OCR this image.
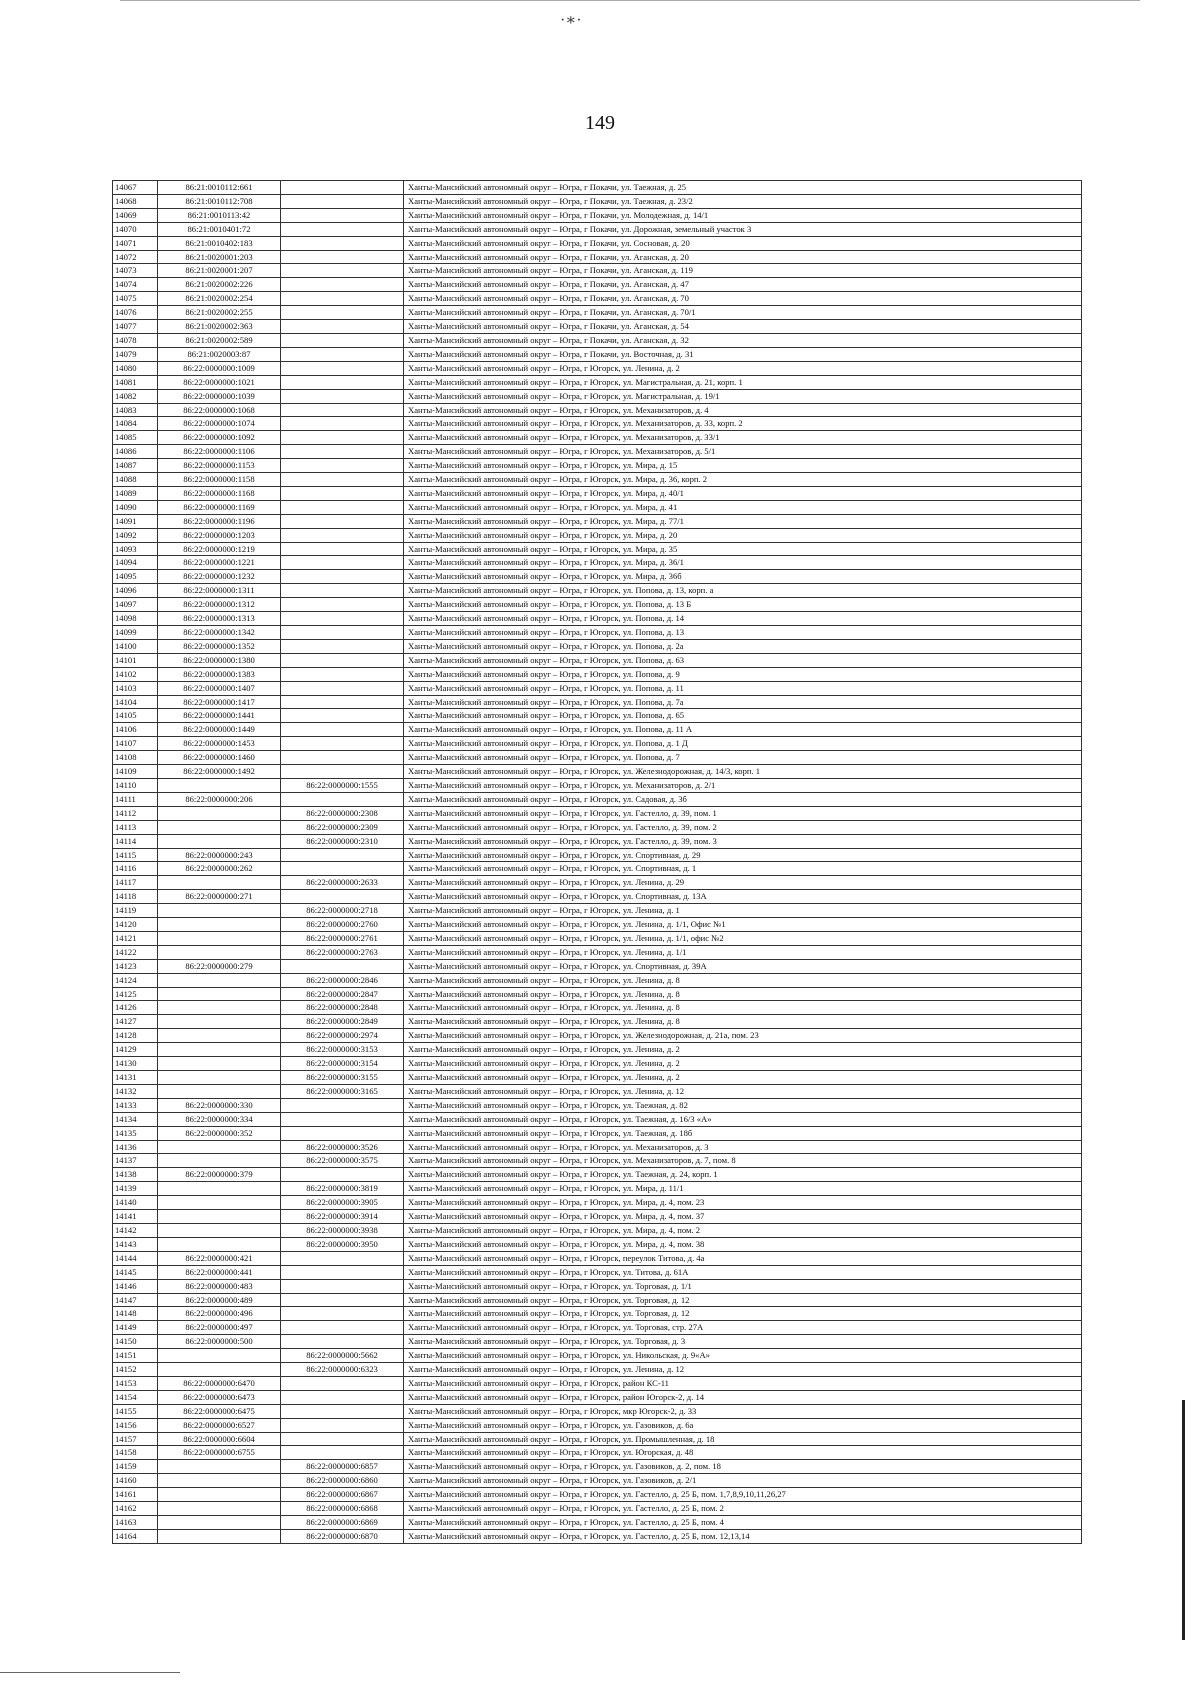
·∗·
149
14067	86:21:0010112:661		Ханты-Мансийский автономный округ – Югра, г Покачи, ул. Таежная, д. 25
14068	86:21:0010112:708		Ханты-Мансийский автономный округ – Югра, г Покачи, ул. Таежная, д. 23/2
14069	86:21:0010113:42		Ханты-Мансийский автономный округ – Югра, г Покачи, ул. Молодежная, д. 14/1
14070	86:21:0010401:72		Ханты-Мансийский автономный округ – Югра, г Покачи, ул. Дорожная, земельный участок 3
14071	86:21:0010402:183		Ханты-Мансийский автономный округ – Югра, г Покачи, ул. Сосновая, д. 20
14072	86:21:0020001:203		Ханты-Мансийский автономный округ – Югра, г Покачи, ул. Аганская, д. 20
14073	86:21:0020001:207		Ханты-Мансийский автономный округ – Югра, г Покачи, ул. Аганская, д. 119
14074	86:21:0020002:226		Ханты-Мансийский автономный округ – Югра, г Покачи, ул. Аганская, д. 47
14075	86:21:0020002:254		Ханты-Мансийский автономный округ – Югра, г Покачи, ул. Аганская, д. 70
14076	86:21:0020002:255		Ханты-Мансийский автономный округ – Югра, г Покачи, ул. Аганская, д. 70/1
14077	86:21:0020002:363		Ханты-Мансийский автономный округ – Югра, г Покачи, ул. Аганская, д. 54
14078	86:21:0020002:589		Ханты-Мансийский автономный округ – Югра, г Покачи, ул. Аганская, д. 32
14079	86:21:0020003:87		Ханты-Мансийский автономный округ – Югра, г Покачи, ул. Восточная, д. 31
14080	86:22:0000000:1009		Ханты-Мансийский автономный округ – Югра, г Югорск, ул. Ленина, д. 2
14081	86:22:0000000:1021		Ханты-Мансийский автономный округ – Югра, г Югорск, ул. Магистральная, д. 21, корп. 1
14082	86:22:0000000:1039		Ханты-Мансийский автономный округ – Югра, г Югорск, ул. Магистральная, д. 19/1
14083	86:22:0000000:1068		Ханты-Мансийский автономный округ – Югра, г Югорск, ул. Механизаторов, д. 4
14084	86:22:0000000:1074		Ханты-Мансийский автономный округ – Югра, г Югорск, ул. Механизаторов, д. 33, корп. 2
14085	86:22:0000000:1092		Ханты-Мансийский автономный округ – Югра, г Югорск, ул. Механизаторов, д. 33/1
14086	86:22:0000000:1106		Ханты-Мансийский автономный округ – Югра, г Югорск, ул. Механизаторов, д. 5/1
14087	86:22:0000000:1153		Ханты-Мансийский автономный округ – Югра, г Югорск, ул. Мира, д. 15
14088	86:22:0000000:1158		Ханты-Мансийский автономный округ – Югра, г Югорск, ул. Мира, д. 36, корп. 2
14089	86:22:0000000:1168		Ханты-Мансийский автономный округ – Югра, г Югорск, ул. Мира, д. 40/1
14090	86:22:0000000:1169		Ханты-Мансийский автономный округ – Югра, г Югорск, ул. Мира, д. 41
14091	86:22:0000000:1196		Ханты-Мансийский автономный округ – Югра, г Югорск, ул. Мира, д. 77/1
14092	86:22:0000000:1203		Ханты-Мансийский автономный округ – Югра, г Югорск, ул. Мира, д. 20
14093	86:22:0000000:1219		Ханты-Мансийский автономный округ – Югра, г Югорск, ул. Мира, д. 35
14094	86:22:0000000:1221		Ханты-Мансийский автономный округ – Югра, г Югорск, ул. Мира, д. 36/1
14095	86:22:0000000:1232		Ханты-Мансийский автономный округ – Югра, г Югорск, ул. Мира, д. 36б
14096	86:22:0000000:1311		Ханты-Мансийский автономный округ – Югра, г Югорск, ул. Попова, д. 13, корп. а
14097	86:22:0000000:1312		Ханты-Мансийский автономный округ – Югра, г Югорск, ул. Попова, д. 13 Б
14098	86:22:0000000:1313		Ханты-Мансийский автономный округ – Югра, г Югорск, ул. Попова, д. 14
14099	86:22:0000000:1342		Ханты-Мансийский автономный округ – Югра, г Югорск, ул. Попова, д. 13
14100	86:22:0000000:1352		Ханты-Мансийский автономный округ – Югра, г Югорск, ул. Попова, д. 2а
14101	86:22:0000000:1380		Ханты-Мансийский автономный округ – Югра, г Югорск, ул. Попова, д. 63
14102	86:22:0000000:1383		Ханты-Мансийский автономный округ – Югра, г Югорск, ул. Попова, д. 9
14103	86:22:0000000:1407		Ханты-Мансийский автономный округ – Югра, г Югорск, ул. Попова, д. 11
14104	86:22:0000000:1417		Ханты-Мансийский автономный округ – Югра, г Югорск, ул. Попова, д. 7а
14105	86:22:0000000:1441		Ханты-Мансийский автономный округ – Югра, г Югорск, ул. Попова, д. 65
14106	86:22:0000000:1449		Ханты-Мансийский автономный округ – Югра, г Югорск, ул. Попова, д. 11 А
14107	86:22:0000000:1453		Ханты-Мансийский автономный округ – Югра, г Югорск, ул. Попова, д. 1 Д
14108	86:22:0000000:1460		Ханты-Мансийский автономный округ – Югра, г Югорск, ул. Попова, д. 7
14109	86:22:0000000:1492		Ханты-Мансийский автономный округ – Югра, г Югорск, ул. Железнодорожная, д. 14/3, корп. 1
14110		86:22:0000000:1555	Ханты-Мансийский автономный округ – Югра, г Югорск, ул. Механизаторов, д. 2/1
14111	86:22:0000000:206		Ханты-Мансийский автономный округ – Югра, г Югорск, ул. Садовая, д. 3б
14112		86:22:0000000:2308	Ханты-Мансийский автономный округ – Югра, г Югорск, ул. Гастелло, д. 39, пом. 1
14113		86:22:0000000:2309	Ханты-Мансийский автономный округ – Югра, г Югорск, ул. Гастелло, д. 39, пом. 2
14114		86:22:0000000:2310	Ханты-Мансийский автономный округ – Югра, г Югорск, ул. Гастелло, д. 39, пом. 3
14115	86:22:0000000:243		Ханты-Мансийский автономный округ – Югра, г Югорск, ул. Спортивная, д. 29
14116	86:22:0000000:262		Ханты-Мансийский автономный округ – Югра, г Югорск, ул. Спортивная, д. 1
14117		86:22:0000000:2633	Ханты-Мансийский автономный округ – Югра, г Югорск, ул. Ленина, д. 29
14118	86:22:0000000:271		Ханты-Мансийский автономный округ – Югра, г Югорск, ул. Спортивная, д. 13А
14119		86:22:0000000:2718	Ханты-Мансийский автономный округ – Югра, г Югорск, ул. Ленина, д. 1
14120		86:22:0000000:2760	Ханты-Мансийский автономный округ – Югра, г Югорск, ул. Ленина, д. 1/1, Офис №1
14121		86:22:0000000:2761	Ханты-Мансийский автономный округ – Югра, г Югорск, ул. Ленина, д. 1/1, офис №2
14122		86:22:0000000:2763	Ханты-Мансийский автономный округ – Югра, г Югорск, ул. Ленина, д. 1/1
14123	86:22:0000000:279		Ханты-Мансийский автономный округ – Югра, г Югорск, ул. Спортивная, д. 39А
14124		86:22:0000000:2846	Ханты-Мансийский автономный округ – Югра, г Югорск, ул. Ленина, д. 8
14125		86:22:0000000:2847	Ханты-Мансийский автономный округ – Югра, г Югорск, ул. Ленина, д. 8
14126		86:22:0000000:2848	Ханты-Мансийский автономный округ – Югра, г Югорск, ул. Ленина, д. 8
14127		86:22:0000000:2849	Ханты-Мансийский автономный округ – Югра, г Югорск, ул. Ленина, д. 8
14128		86:22:0000000:2974	Ханты-Мансийский автономный округ – Югра, г Югорск, ул. Железнодорожная, д. 21а, пом. 23
14129		86:22:0000000:3153	Ханты-Мансийский автономный округ – Югра, г Югорск, ул. Ленина, д. 2
14130		86:22:0000000:3154	Ханты-Мансийский автономный округ – Югра, г Югорск, ул. Ленина, д. 2
14131		86:22:0000000:3155	Ханты-Мансийский автономный округ – Югра, г Югорск, ул. Ленина, д. 2
14132		86:22:0000000:3165	Ханты-Мансийский автономный округ – Югра, г Югорск, ул. Ленина, д. 12
14133	86:22:0000000:330		Ханты-Мансийский автономный округ – Югра, г Югорск, ул. Таежная, д. 82
14134	86:22:0000000:334		Ханты-Мансийский автономный округ – Югра, г Югорск, ул. Таежная, д. 16/3 «А»
14135	86:22:0000000:352		Ханты-Мансийский автономный округ – Югра, г Югорск, ул. Таежная, д. 18б
14136		86:22:0000000:3526	Ханты-Мансийский автономный округ – Югра, г Югорск, ул. Механизаторов, д. 3
14137		86:22:0000000:3575	Ханты-Мансийский автономный округ – Югра, г Югорск, ул. Механизаторов, д. 7, пом. 8
14138	86:22:0000000:379		Ханты-Мансийский автономный округ – Югра, г Югорск, ул. Таежная, д. 24, корп. 1
14139		86:22:0000000:3819	Ханты-Мансийский автономный округ – Югра, г Югорск, ул. Мира, д. 11/1
14140		86:22:0000000:3905	Ханты-Мансийский автономный округ – Югра, г Югорск, ул. Мира, д. 4, пом. 23
14141		86:22:0000000:3914	Ханты-Мансийский автономный округ – Югра, г Югорск, ул. Мира, д. 4, пом. 37
14142		86:22:0000000:3938	Ханты-Мансийский автономный округ – Югра, г Югорск, ул. Мира, д. 4, пом. 2
14143		86:22:0000000:3950	Ханты-Мансийский автономный округ – Югра, г Югорск, ул. Мира, д. 4, пом. 38
14144	86:22:0000000:421		Ханты-Мансийский автономный округ – Югра, г Югорск, переулок Титова, д. 4а
14145	86:22:0000000:441		Ханты-Мансийский автономный округ – Югра, г Югорск, ул. Титова, д. 61А
14146	86:22:0000000:483		Ханты-Мансийский автономный округ – Югра, г Югорск, ул. Торговая, д. 1/1
14147	86:22:0000000:489		Ханты-Мансийский автономный округ – Югра, г Югорск, ул. Торговая, д. 12
14148	86:22:0000000:496		Ханты-Мансийский автономный округ – Югра, г Югорск, ул. Торговая, д. 12
14149	86:22:0000000:497		Ханты-Мансийский автономный округ – Югра, г Югорск, ул. Торговая, стр. 27А
14150	86:22:0000000:500		Ханты-Мансийский автономный округ – Югра, г Югорск, ул. Торговая, д. 3
14151		86:22:0000000:5662	Ханты-Мансийский автономный округ – Югра, г Югорск, ул. Никольская, д. 9«А»
14152		86:22:0000000:6323	Ханты-Мансийский автономный округ – Югра, г Югорск, ул. Ленина, д. 12
14153	86:22:0000000:6470		Ханты-Мансийский автономный округ – Югра, г Югорск, район КС-11
14154	86:22:0000000:6473		Ханты-Мансийский автономный округ – Югра, г Югорск, район Югорск-2, д. 14
14155	86:22:0000000:6475		Ханты-Мансийский автономный округ – Югра, г Югорск, мкр Югорск-2, д. 33
14156	86:22:0000000:6527		Ханты-Мансийский автономный округ – Югра, г Югорск, ул. Газовиков, д. 6а
14157	86:22:0000000:6604		Ханты-Мансийский автономный округ – Югра, г Югорск, ул. Промышленная, д. 18
14158	86:22:0000000:6755		Ханты-Мансийский автономный округ – Югра, г Югорск, ул. Югорская, д. 48
14159		86:22:0000000:6857	Ханты-Мансийский автономный округ – Югра, г Югорск, ул. Газовиков, д. 2, пом. 18
14160		86:22:0000000:6860	Ханты-Мансийский автономный округ – Югра, г Югорск, ул. Газовиков, д. 2/1
14161		86:22:0000000:6867	Ханты-Мансийский автономный округ – Югра, г Югорск, ул. Гастелло, д. 25 Б, пом. 1,7,8,9,10,11,26,27
14162		86:22:0000000:6868	Ханты-Мансийский автономный округ – Югра, г Югорск, ул. Гастелло, д. 25 Б, пом. 2
14163		86:22:0000000:6869	Ханты-Мансийский автономный округ – Югра, г Югорск, ул. Гастелло, д. 25 Б, пом. 4
14164		86:22:0000000:6870	Ханты-Мансийский автономный округ – Югра, г Югорск, ул. Гастелло, д. 25 Б, пом. 12,13,14
